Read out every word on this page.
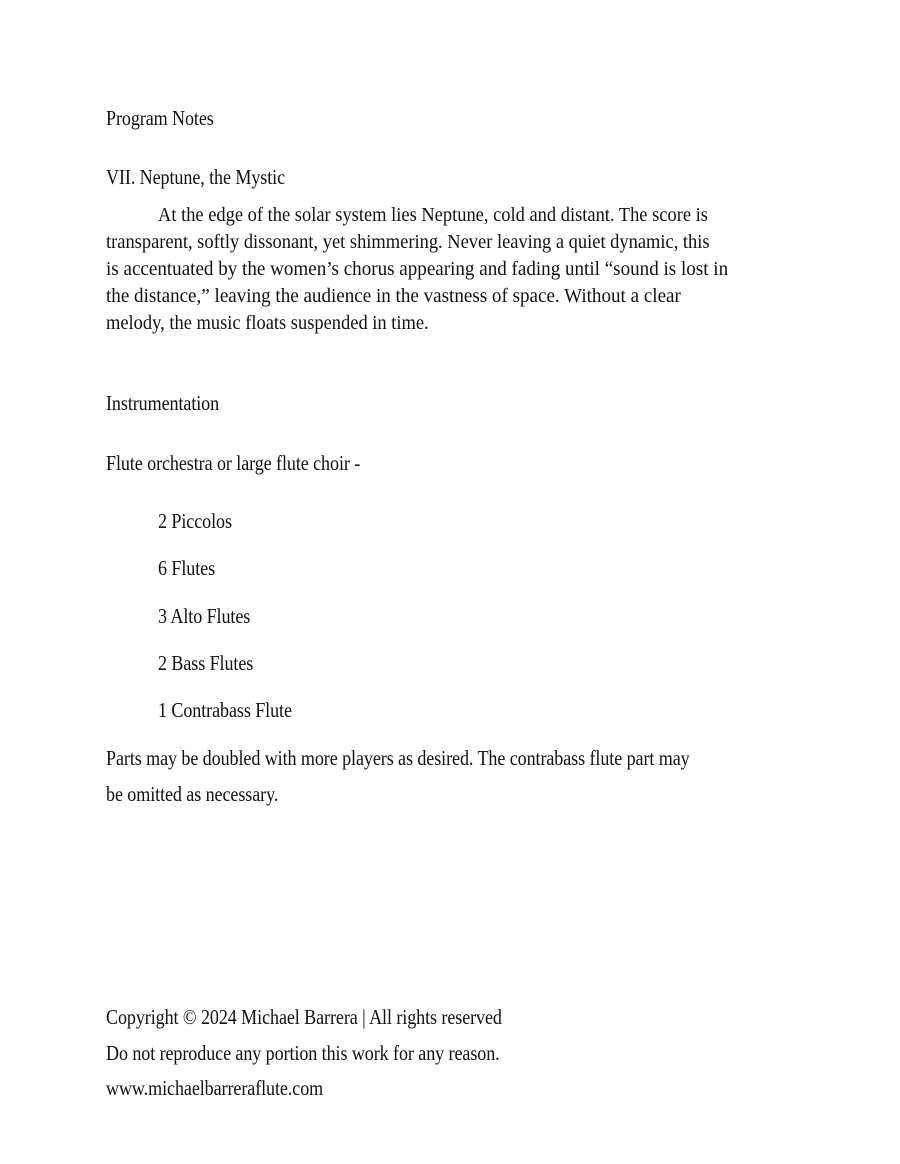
Program Notes
VII. Neptune, the Mystic
At the edge of the solar system lies Neptune, cold and distant. The score is
transparent, softly dissonant, yet shimmering. Never leaving a quiet dynamic, this
is accentuated by the women’s chorus appearing and fading until “sound is lost in
the distance,” leaving the audience in the vastness of space. Without a clear
melody, the music floats suspended in time.
Instrumentation
Flute orchestra or large flute choir -
2 Piccolos
6 Flutes
3 Alto Flutes
2 Bass Flutes
1 Contrabass Flute
Parts may be doubled with more players as desired. The contrabass flute part may
be omitted as necessary.
Copyright © 2024 Michael Barrera | All rights reserved
Do not reproduce any portion this work for any reason.
www.michaelbarreraflute.com
